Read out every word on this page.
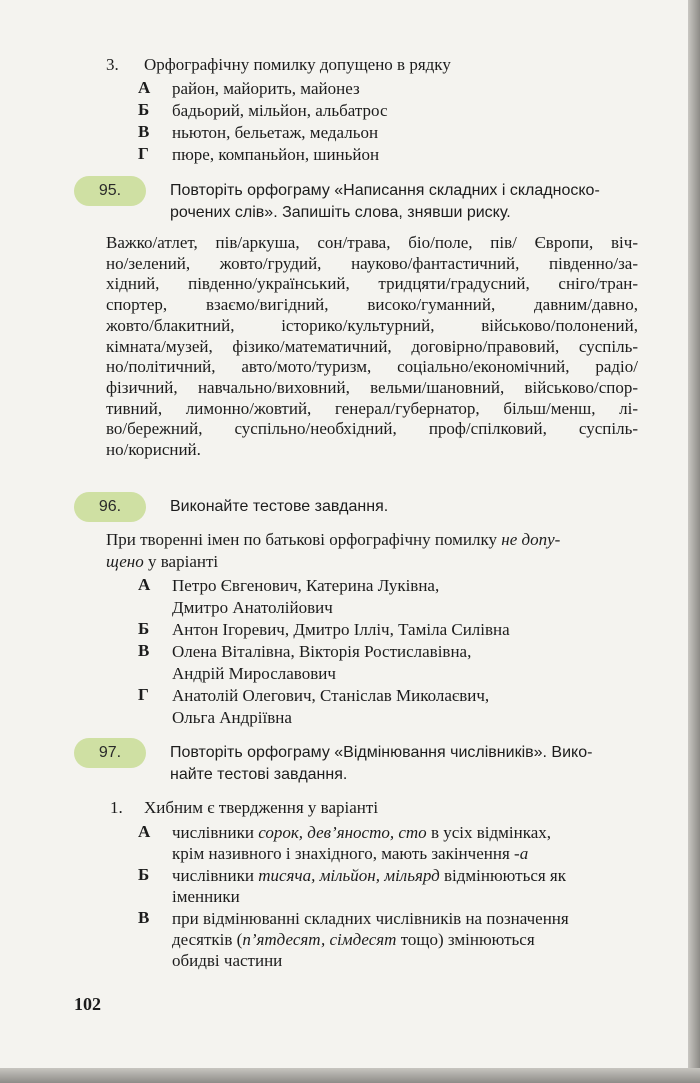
3. Орфографічну помилку допущено в рядку
А район, майорить, майонез
Б бадьорий, мільйон, альбатрос
В ньютон, бельетаж, медальон
Г пюре, компаньйон, шиньйон
95.	Повторіть орфограму «Написання складних і складноско-
рочених слів». Запишіть слова, знявши риску.
Важко/атлет, пів/аркуша, сон/трава, біо/поле, пів/ Європи, віч-
но/зелений, жовто/грудий, науково/фантастичний, південно/за-
хідний, південно/український, тридцяти/градусний, сніго/тран-
спортер, взаємо/вигідний, високо/гуманний, давним/давно,
жовто/блакитний, історико/культурний, військово/полонений,
кімната/музей, фізико/математичний, договірно/правовий, суспіль-
но/політичний, авто/мото/туризм, соціально/економічний, радіо/
фізичний, навчально/виховний, вельми/шановний, військово/спор-
тивний, лимонно/жовтий, генерал/губернатор, більш/менш, лі-
во/бережний, суспільно/необхідний, проф/спілковий, суспіль-
но/корисний.
96.	Виконайте тестове завдання.
При творенні імен по батькові орфографічну помилку не допу-
щено у варіанті
А Петро Євгенович, Катерина Луківна,
Дмитро Анатолійович
Б Антон Ігоревич, Дмитро Ілліч, Таміла Силівна
В Олена Віталівна, Вікторія Ростиславівна,
Андрій Мирославович
Г Анатолій Олегович, Станіслав Миколаєвич,
Ольга Андріївна
97.	Повторіть орфограму «Відмінювання числівників». Вико-
найте тестові завдання.
1. Хибним є твердження у варіанті
А числівники сорок, дев’яносто, сто в усіх відмінках,
крім називного і знахідного, мають закінчення -а
Б числівники тисяча, мільйон, мільярд відмінюються як
іменники
В при відмінюванні складних числівників на позначення
десятків (п’ятдесят, сімдесят тощо) змінюються
обидві частини
102
